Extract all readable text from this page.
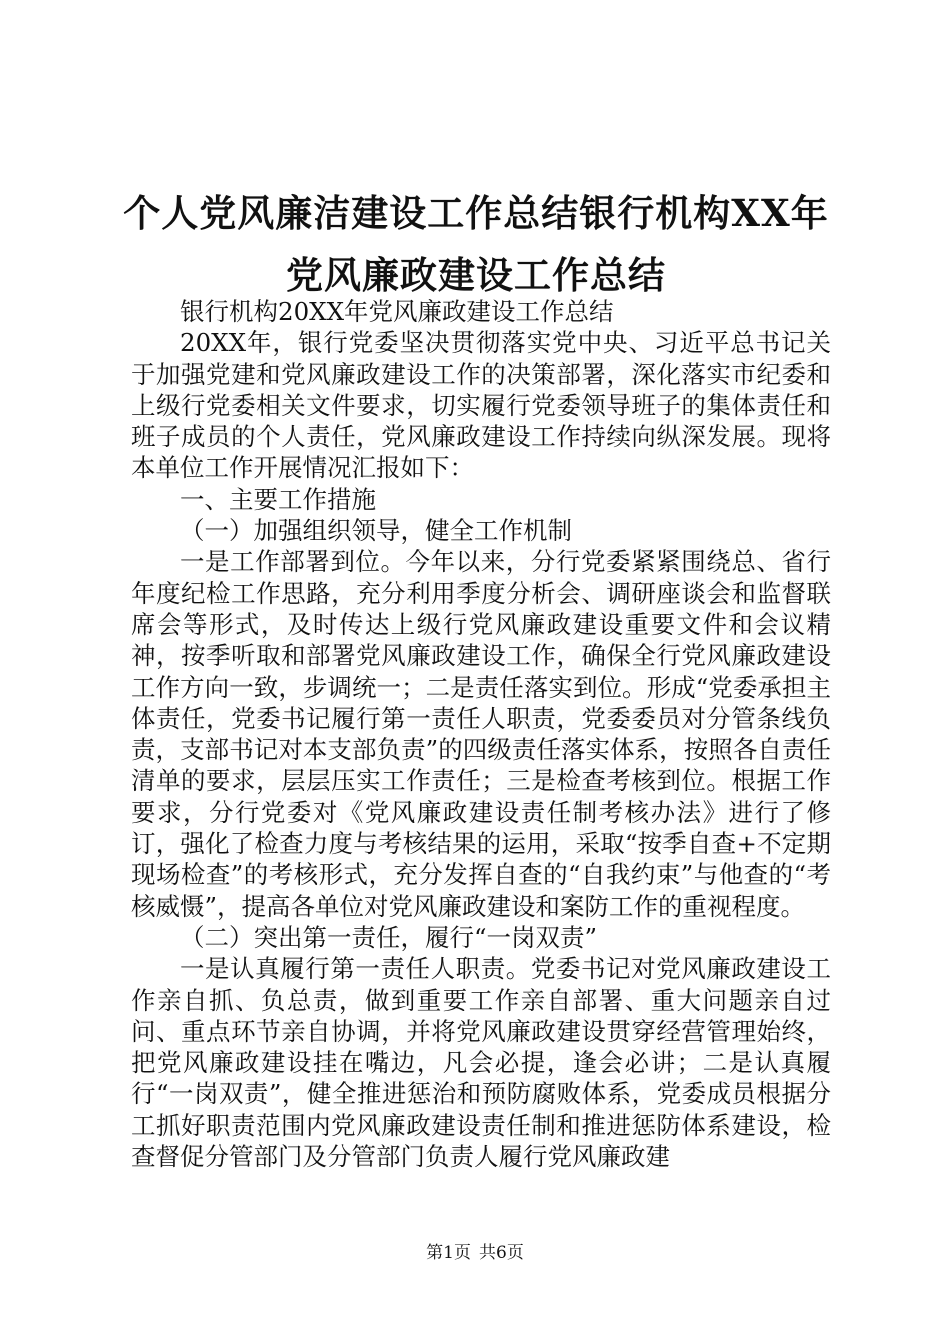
个人党风廉洁建设工作总结银行机构XX年党风廉政建设工作总结

银行机构20XX年党风廉政建设工作总结

20XX年，银行党委坚决贯彻落实党中央、习近平总书记关于加强党建和党风廉政建设工作的决策部署，深化落实市纪委和上级行党委相关文件要求，切实履行党委领导班子的集体责任和班子成员的个人责任，党风廉政建设工作持续向纵深发展。现将本单位工作开展情况汇报如下：

一、主要工作措施

（一）加强组织领导，健全工作机制

一是工作部署到位。今年以来，分行党委紧紧围绕总、省行年度纪检工作思路，充分利用季度分析会、调研座谈会和监督联席会等形式，及时传达上级行党风廉政建设重要文件和会议精神，按季听取和部署党风廉政建设工作，确保全行党风廉政建设工作方向一致，步调统一；二是责任落实到位。形成“党委承担主体责任，党委书记履行第一责任人职责，党委委员对分管条线负责，支部书记对本支部负责”的四级责任落实体系，按照各自责任清单的要求，层层压实工作责任；三是检查考核到位。根据工作要求，分行党委对《党风廉政建设责任制考核办法》进行了修订，强化了检查力度与考核结果的运用，采取“按季自查+不定期现场检查”的考核形式，充分发挥自查的“自我约束”与他查的“考核威慑”，提高各单位对党风廉政建设和案防工作的重视程度。

（二）突出第一责任，履行“一岗双责”

一是认真履行第一责任人职责。党委书记对党风廉政建设工作亲自抓、负总责，做到重要工作亲自部署、重大问题亲自过问、重点环节亲自协调，并将党风廉政建设贯穿经营管理始终，把党风廉政建设挂在嘴边，凡会必提，逢会必讲；二是认真履行“一岗双责”，健全推进惩治和预防腐败体系，党委成员根据分工抓好职责范围内党风廉政建设责任制和推进惩防体系建设，检查督促分管部门及分管部门负责人履行党风廉政建

第1页 共6页
